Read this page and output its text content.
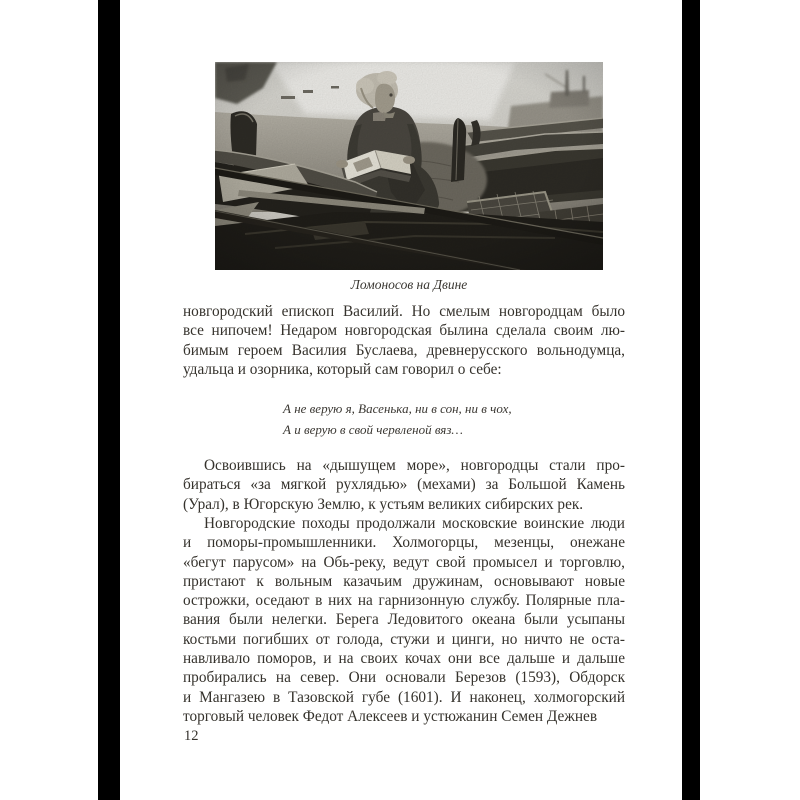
Ломоносов на Двине
новгородский епископ Василий. Но смелым новгородцам было
все нипочем! Недаром новгородская былина сделала своим лю-
бимым героем Василия Буслаева, древнерусского вольнодумца,
удальца и озорника, который сам говорил о себе:
А не верую я, Васенька, ни в сон, ни в чох,
А и верую в свой червленой вяз…
Освоившись на «дышущем море», новгородцы стали про-
бираться «за мягкой рухлядью» (мехами) за Большой Камень
(Урал), в Югорскую Землю, к устьям великих сибирских рек.
Новгородские походы продолжали московские воинские люди
и поморы-промышленники. Холмогорцы, мезенцы, онежане
«бегут парусом» на Обь-реку, ведут свой промысел и торговлю,
пристают к вольным казачьим дружинам, основывают новые
острожки, оседают в них на гарнизонную службу. Полярные пла-
вания были нелегки. Берега Ледовитого океана были усыпаны
костьми погибших от голода, стужи и цинги, но ничто не оста-
навливало поморов, и на своих кочах они все дальше и дальше
пробирались на север. Они основали Березов (1593), Обдорск
и Мангазею в Тазовской губе (1601). И наконец, холмогорский
торговый человек Федот Алексеев и устюжанин Семен Дежнев
12
